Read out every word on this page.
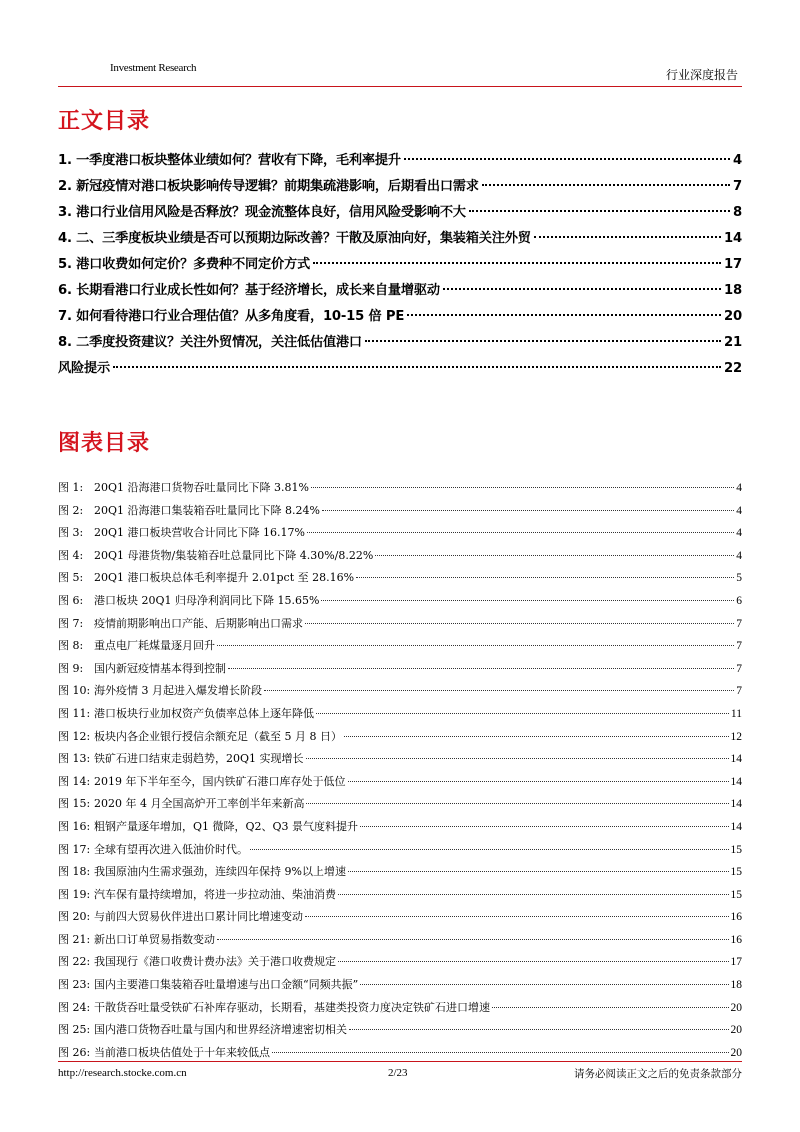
Investment Research	行业深度报告
正文目录
1. 一季度港口板块整体业绩如何？营收有下降，毛利率提升	4
2. 新冠疫情对港口板块影响传导逻辑？前期集疏港影响，后期看出口需求	7
3. 港口行业信用风险是否释放？现金流整体良好，信用风险受影响不大	8
4. 二、三季度板块业绩是否可以预期边际改善？干散及原油向好，集装箱关注外贸	14
5. 港口收费如何定价？多费种不同定价方式	17
6. 长期看港口行业成长性如何？基于经济增长，成长来自量增驱动	18
7. 如何看待港口行业合理估值？从多角度看，10-15 倍 PE	20
8. 二季度投资建议？关注外贸情况，关注低估值港口	21
风险提示	22
图表目录
图 1: 20Q1 沿海港口货物吞吐量同比下降 3.81%	4
图 2: 20Q1 沿海港口集装箱吞吐量同比下降 8.24%	4
图 3: 20Q1 港口板块营收合计同比下降 16.17%	4
图 4: 20Q1 母港货物/集装箱吞吐总量同比下降 4.30%/8.22%	4
图 5: 20Q1 港口板块总体毛利率提升 2.01pct 至 28.16%	5
图 6: 港口板块 20Q1 归母净利润同比下降 15.65%	6
图 7: 疫情前期影响出口产能、后期影响出口需求	7
图 8: 重点电厂耗煤量逐月回升	7
图 9: 国内新冠疫情基本得到控制	7
图 10: 海外疫情 3 月起进入爆发增长阶段	7
图 11: 港口板块行业加权资产负债率总体上逐年降低	11
图 12: 板块内各企业银行授信余额充足（截至 5 月 8 日）	12
图 13: 铁矿石进口结束走弱趋势，20Q1 实现增长	14
图 14: 2019 年下半年至今，国内铁矿石港口库存处于低位	14
图 15: 2020 年 4 月全国高炉开工率创半年来新高	14
图 16: 粗钢产量逐年增加，Q1 微降，Q2、Q3 景气度料提升	14
图 17: 全球有望再次进入低油价时代。	15
图 18: 我国原油内生需求强劲，连续四年保持 9%以上增速	15
图 19: 汽车保有量持续增加，将进一步拉动油、柴油消费	15
图 20: 与前四大贸易伙伴进出口累计同比增速变动	16
图 21: 新出口订单贸易指数变动	16
图 22: 我国现行《港口收费计费办法》关于港口收费规定	17
图 23: 国内主要港口集装箱吞吐量增速与出口金额“同频共振”	18
图 24: 干散货吞吐量受铁矿石补库存驱动，长期看，基建类投资力度决定铁矿石进口增速	20
图 25: 国内港口货物吞吐量与国内和世界经济增速密切相关	20
图 26: 当前港口板块估值处于十年来较低点	20
http://research.stocke.com.cn	2/23	请务必阅读正文之后的免责条款部分
